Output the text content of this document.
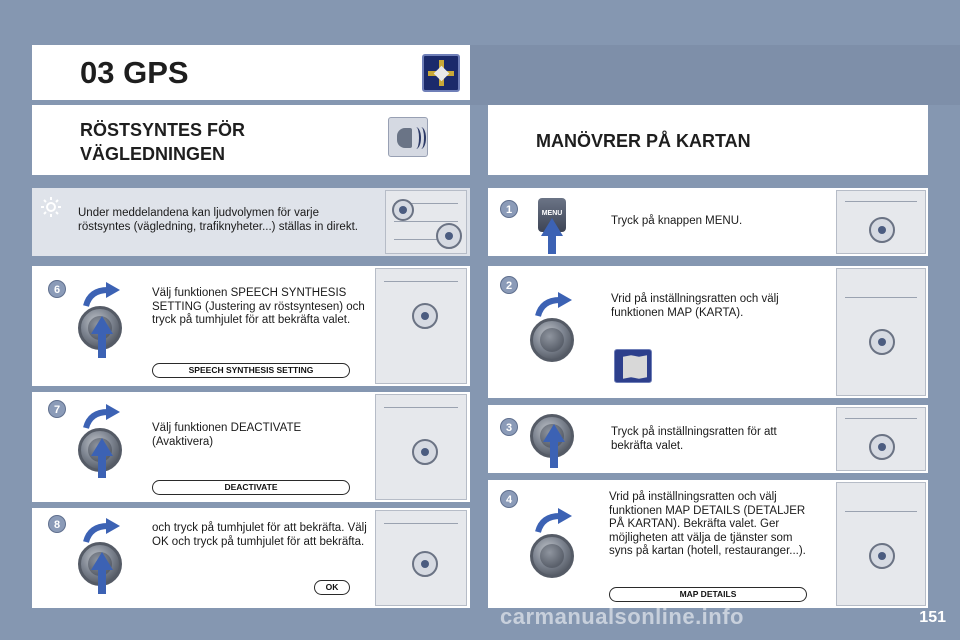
03 GPS
RÖSTSYNTES FÖR
VÄGLEDNINGEN
MANÖVRER PÅ KARTAN
Under meddelandena kan ljudvolymen för varje röstsyntes (vägledning, trafiknyheter...) ställas in direkt.
6	Välj funktionen SPEECH SYNTHESIS SETTING (Justering av röstsyntesen) och tryck på tumhjulet för att bekräfta valet.
SPEECH SYNTHESIS SETTING
7
Välj funktionen DEACTIVATE (Avaktivera)
DEACTIVATE
8	och tryck på tumhjulet för att bekräfta. Välj OK och tryck på tumhjulet för att bekräfta.
OK
1	MENU
Tryck på knappen MENU.
2
Vrid på inställningsratten och välj funktionen MAP (KARTA).
3	Tryck på inställningsratten för att bekräfta valet.
4	Vrid på inställningsratten och välj funktionen MAP DETAILS (DETALJER PÅ KARTAN). Bekräfta valet. Ger möjligheten att välja de tjänster som syns på kartan (hotell, restauranger...).
MAP DETAILS
carmanualsonline.info	151
